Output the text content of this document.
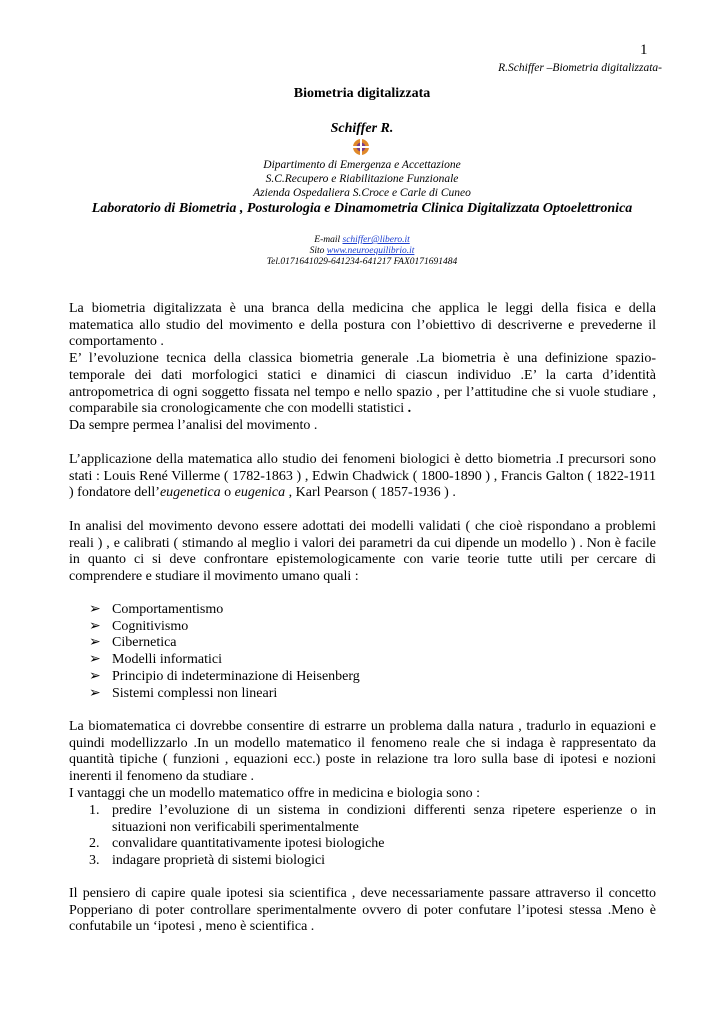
1
R.Schiffer –Biometria digitalizzata-
Biometria digitalizzata
Schiffer R.
Dipartimento di Emergenza e Accettazione
S.C.Recupero e Riabilitazione Funzionale
Azienda Ospedaliera S.Croce e Carle di Cuneo
Laboratorio di Biometria , Posturologia e Dinamometria Clinica Digitalizzata Optoelettronica
E-mail schiffer@libero.it
Sito www.neuroequilibrio.it
Tel.0171641029-641234-641217 FAX0171691484
La biometria digitalizzata è una branca della medicina che applica le leggi della fisica e della matematica allo studio del movimento e della postura con l’obiettivo di descriverne e prevederne il comportamento .
E’ l’evoluzione tecnica della classica biometria generale .La biometria è una definizione spazio-temporale dei dati morfologici statici e dinamici di ciascun individuo .E’ la carta d’identità antropometrica di ogni soggetto fissata nel tempo e nello spazio , per l’attitudine che si vuole studiare , comparabile sia cronologicamente che con modelli statistici .
Da sempre permea l’analisi del movimento .
L’applicazione della matematica allo studio dei fenomeni biologici è detto biometria .I precursori sono stati : Louis René Villerme ( 1782-1863 ) , Edwin Chadwick ( 1800-1890 ) , Francis Galton ( 1822-1911 ) fondatore dell’eugenetica o eugenica , Karl Pearson ( 1857-1936 ) .
In analisi del movimento devono essere adottati dei modelli validati ( che cioè rispondano a problemi reali ) , e calibrati ( stimando al meglio i valori dei parametri da cui dipende un modello ) . Non è facile in quanto ci si deve confrontare epistemologicamente con varie teorie tutte utili per cercare di comprendere e studiare il movimento umano quali :
➢ Comportamentismo
➢ Cognitivismo
➢ Cibernetica
➢ Modelli informatici
➢ Principio di indeterminazione di Heisenberg
➢ Sistemi complessi non lineari
La biomatematica ci dovrebbe consentire di estrarre un problema dalla natura , tradurlo in equazioni e quindi modellizzarlo .In un modello matematico il fenomeno reale che si indaga è rappresentato da quantità tipiche ( funzioni , equazioni ecc.) poste in relazione tra loro sulla base di ipotesi e nozioni inerenti il fenomeno da studiare .
I vantaggi che un modello matematico offre in medicina e biologia sono :
1. predire l’evoluzione di un sistema in condizioni differenti senza ripetere esperienze o in situazioni non verificabili sperimentalmente
2. convalidare quantitativamente ipotesi biologiche
3. indagare proprietà di sistemi biologici
Il pensiero di capire quale ipotesi sia scientifica , deve necessariamente passare attraverso il concetto Popperiano di poter controllare sperimentalmente ovvero di poter confutare l’ipotesi stessa .Meno è confutabile un ‘ipotesi , meno è scientifica .
